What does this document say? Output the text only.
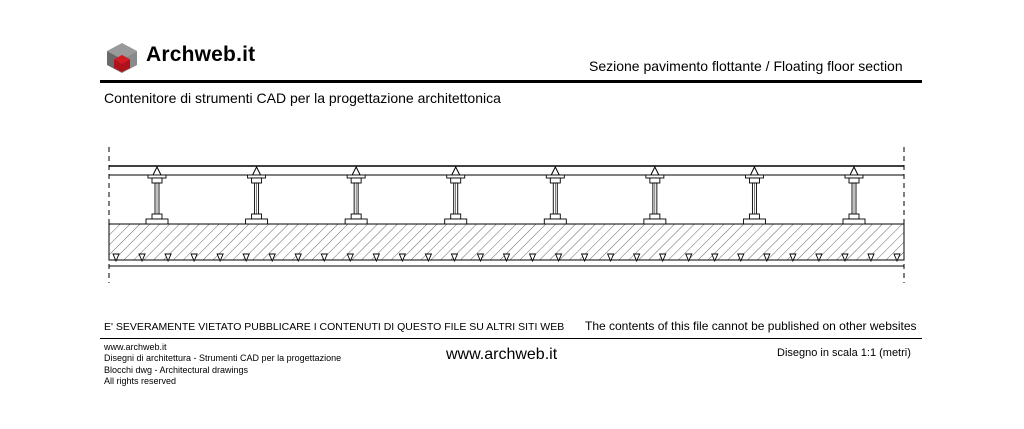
Archweb.it	Sezione pavimento flottante / Floating floor section
Contenitore di strumenti CAD per la progettazione architettonica
E' SEVERAMENTE VIETATO PUBBLICARE I CONTENUTI DI QUESTO FILE SU ALTRI SITI WEB The contents of this file cannot be published on other websites
www.archweb.it
Disegni di architettura - Strumenti CAD per la progettazione
Blocchi dwg - Architectural drawings
All rights reserved
www.archweb.it	Disegno in scala 1:1 (metri)
